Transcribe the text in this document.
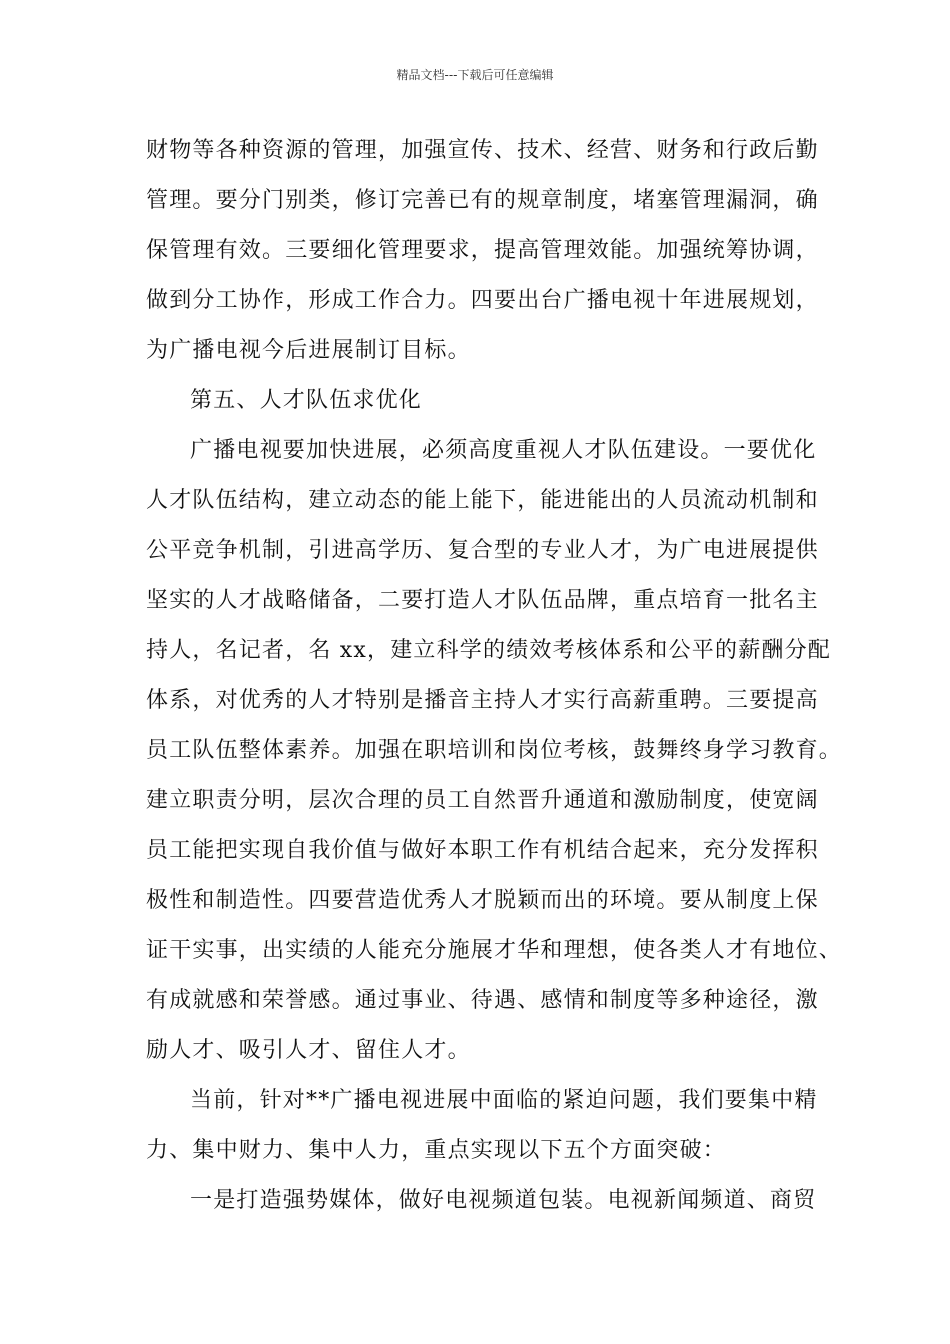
精品文档---下载后可任意编辑
财物等各种资源的管理，加强宣传、技术、经营、财务和行政后勤
管理。要分门别类，修订完善已有的规章制度，堵塞管理漏洞，确
保管理有效。三要细化管理要求，提高管理效能。加强统筹协调，
做到分工协作，形成工作合力。四要出台广播电视十年进展规划，
为广播电视今后进展制订目标。
第五、人才队伍求优化
广播电视要加快进展，必须高度重视人才队伍建设。一要优化
人才队伍结构，建立动态的能上能下，能进能出的人员流动机制和
公平竞争机制，引进高学历、复合型的专业人才，为广电进展提供
坚实的人才战略储备，二要打造人才队伍品牌，重点培育一批名主
持人，名记者，名 xx，建立科学的绩效考核体系和公平的薪酬分配
体系，对优秀的人才特别是播音主持人才实行高薪重聘。三要提高
员工队伍整体素养。加强在职培训和岗位考核，鼓舞终身学习教育。
建立职责分明，层次合理的员工自然晋升通道和激励制度，使宽阔
员工能把实现自我价值与做好本职工作有机结合起来，充分发挥积
极性和制造性。四要营造优秀人才脱颖而出的环境。要从制度上保
证干实事，出实绩的人能充分施展才华和理想，使各类人才有地位、
有成就感和荣誉感。通过事业、待遇、感情和制度等多种途径，激
励人才、吸引人才、留住人才。
当前，针对**广播电视进展中面临的紧迫问题，我们要集中精
力、集中财力、集中人力，重点实现以下五个方面突破：
一是打造强势媒体，做好电视频道包装。电视新闻频道、商贸
